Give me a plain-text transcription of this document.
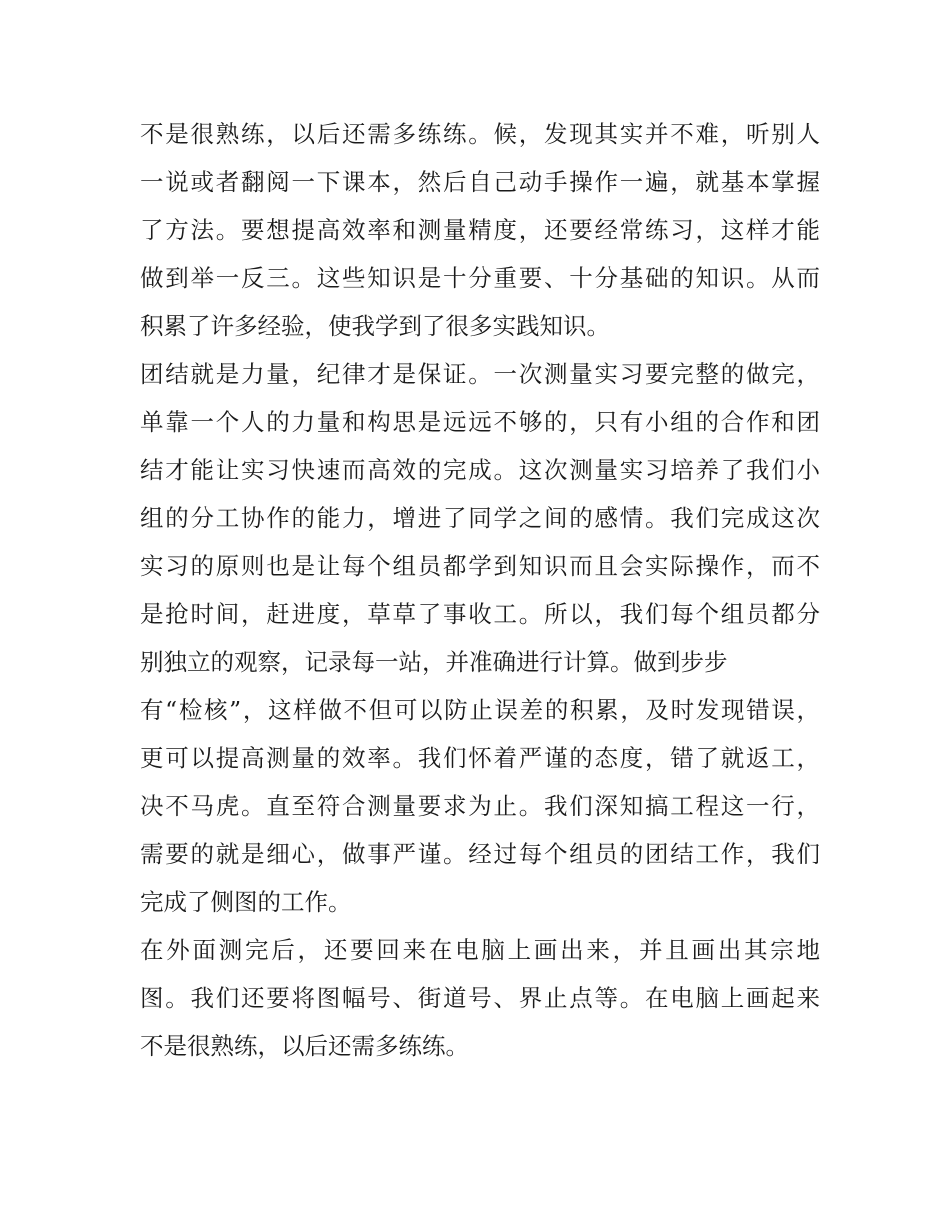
不是很熟练，以后还需多练练。候，发现其实并不难，听别人
一说或者翻阅一下课本，然后自己动手操作一遍，就基本掌握
了方法。要想提高效率和测量精度，还要经常练习，这样才能
做到举一反三。这些知识是十分重要、十分基础的知识。从而
积累了许多经验，使我学到了很多实践知识。
团结就是力量，纪律才是保证。一次测量实习要完整的做完，
单靠一个人的力量和构思是远远不够的，只有小组的合作和团
结才能让实习快速而高效的完成。这次测量实习培养了我们小
组的分工协作的能力，增进了同学之间的感情。我们完成这次
实习的原则也是让每个组员都学到知识而且会实际操作，而不
是抢时间，赶进度，草草了事收工。所以，我们每个组员都分
别独立的观察，记录每一站，并准确进行计算。做到步步
有“检核”，这样做不但可以防止误差的积累，及时发现错误，
更可以提高测量的效率。我们怀着严谨的态度，错了就返工，
决不马虎。直至符合测量要求为止。我们深知搞工程这一行，
需要的就是细心，做事严谨。经过每个组员的团结工作，我们
完成了侧图的工作。
在外面测完后，还要回来在电脑上画出来，并且画出其宗地
图。我们还要将图幅号、街道号、界止点等。在电脑上画起来
不是很熟练，以后还需多练练。
